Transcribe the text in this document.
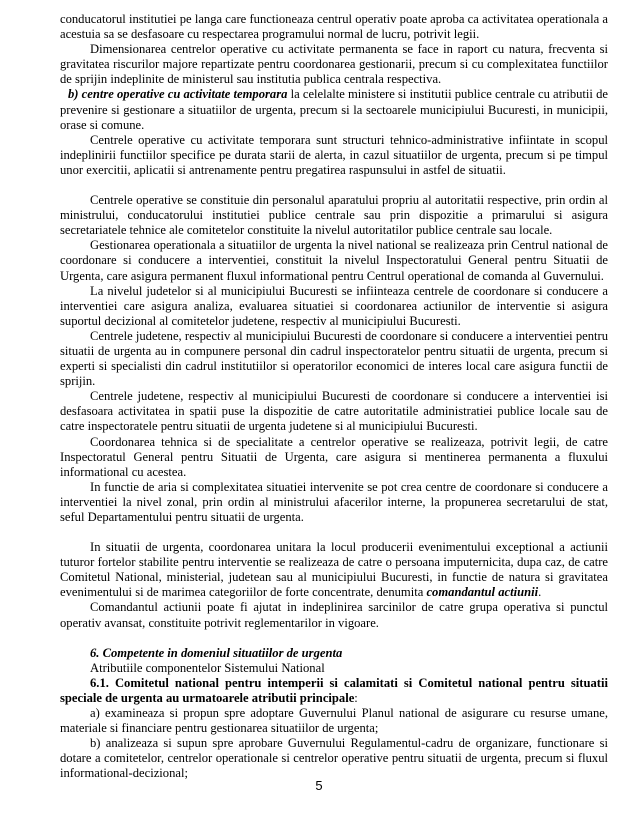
conducatorul institutiei pe langa care functioneaza centrul operativ poate aproba ca activitatea operationala a acestuia sa se desfasoare cu respectarea programului normal de lucru, potrivit legii.

Dimensionarea centrelor operative cu activitate permanenta se face in raport cu natura, frecventa si gravitatea riscurilor majore repartizate pentru coordonarea gestionarii, precum si cu complexitatea functiilor de sprijin indeplinite de ministerul sau institutia publica centrala respectiva.

b) centre operative cu activitate temporara la celelalte ministere si institutii publice centrale cu atributii de prevenire si gestionare a situatiilor de urgenta, precum si la sectoarele municipiului Bucuresti, in municipii, orase si comune.

Centrele operative cu activitate temporara sunt structuri tehnico-administrative infiintate in scopul indeplinirii functiilor specifice pe durata starii de alerta, in cazul situatiilor de urgenta, precum si pe timpul unor exercitii, aplicatii si antrenamente pentru pregatirea raspunsului in astfel de situatii.

Centrele operative se constituie din personalul aparatului propriu al autoritatii respective, prin ordin al ministrului, conducatorului institutiei publice centrale sau prin dispozitie a primarului si asigura secretariatele tehnice ale comitetelor constituite la nivelul autoritatilor publice centrale sau locale.

Gestionarea operationala a situatiilor de urgenta la nivel national se realizeaza prin Centrul national de coordonare si conducere a interventiei, constituit la nivelul Inspectoratului General pentru Situatii de Urgenta, care asigura permanent fluxul informational pentru Centrul operational de comanda al Guvernului.

La nivelul judetelor si al municipiului Bucuresti se infiinteaza centrele de coordonare si conducere a interventiei care asigura analiza, evaluarea situatiei si coordonarea actiunilor de interventie si asigura suportul decizional al comitetelor judetene, respectiv al municipiului Bucuresti.

Centrele judetene, respectiv al municipiului Bucuresti de coordonare si conducere a interventiei pentru situatii de urgenta au in compunere personal din cadrul inspectoratelor pentru situatii de urgenta, precum si experti si specialisti din cadrul institutiilor si operatorilor economici de interes local care asigura functii de sprijin.

Centrele judetene, respectiv al municipiului Bucuresti de coordonare si conducere a interventiei isi desfasoara activitatea in spatii puse la dispozitie de catre autoritatile administratiei publice locale sau de catre inspectoratele pentru situatii de urgenta judetene si al municipiului Bucuresti.

Coordonarea tehnica si de specialitate a centrelor operative se realizeaza, potrivit legii, de catre Inspectoratul General pentru Situatii de Urgenta, care asigura si mentinerea permanenta a fluxului informational cu acestea.

In functie de aria si complexitatea situatiei intervenite se pot crea centre de coordonare si conducere a interventiei la nivel zonal, prin ordin al ministrului afacerilor interne, la propunerea secretarului de stat, seful Departamentului pentru situatii de urgenta.

In situatii de urgenta, coordonarea unitara la locul producerii evenimentului exceptional a actiunii tuturor fortelor stabilite pentru interventie se realizeaza de catre o persoana imputernicita, dupa caz, de catre Comitetul National, ministerial, judetean sau al municipiului Bucuresti, in functie de natura si gravitatea evenimentului si de marimea categoriilor de forte concentrate, denumita comandantul actiunii.

Comandantul actiunii poate fi ajutat in indeplinirea sarcinilor de catre grupa operativa si punctul operativ avansat, constituite potrivit reglementarilor in vigoare.

6. Competente in domeniul situatiilor de urgenta

Atributiile componentelor Sistemului National

6.1. Comitetul national pentru intemperii si calamitati si Comitetul national pentru situatii speciale de urgenta au urmatoarele atributii principale:

a) examineaza si propun spre adoptare Guvernului Planul national de asigurare cu resurse umane, materiale si financiare pentru gestionarea situatiilor de urgenta;

b) analizeaza si supun spre aprobare Guvernului Regulamentul-cadru de organizare, functionare si dotare a comitetelor, centrelor operationale si centrelor operative pentru situatii de urgenta, precum si fluxul informational-decizional;

5
